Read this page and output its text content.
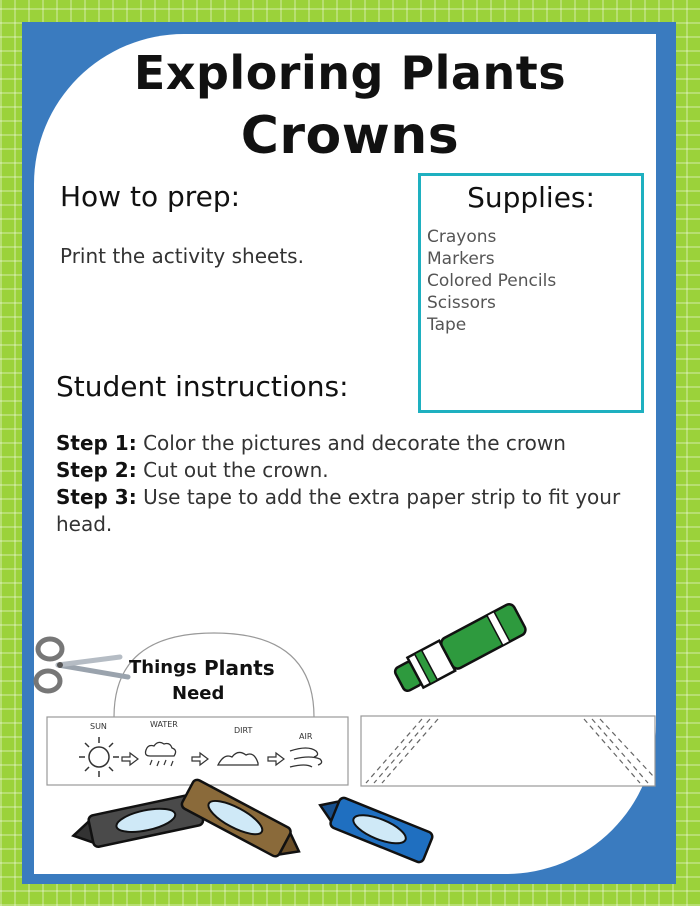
Exploring Plants
Crowns
How to prep:
Print the activity sheets.
Supplies:
Crayons
Markers
Colored Pencils
Scissors
Tape
Student instructions:
Step 1: Color the pictures and decorate the crown
Step 2: Cut out the crown.
Step 3: Use tape to add the extra paper strip to fit your head.
Things Plants
Need
SUN	WATER
DIRT
AIR
